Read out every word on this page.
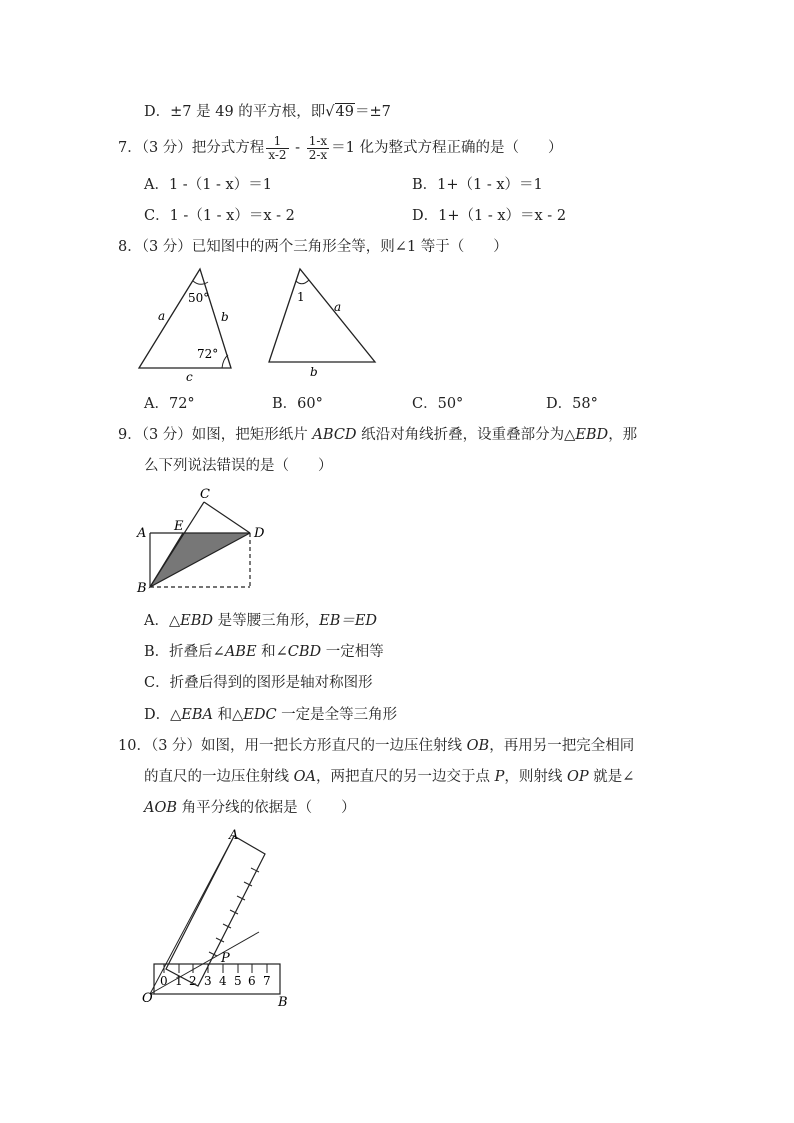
D．±7 是 49 的平方根，即√49＝±7
7．（3 分）把分式方程 $\frac{1}{x-2} - \frac{1-x}{2-x} =1$ 化为整式方程正确的是（　　）
A．1 -（1 - x）＝1	B．1+（1 - x）＝1
C．1 -（1 - x）＝x - 2	D．1+（1 - x）＝x - 2
8．（3 分）已知图中的两个三角形全等，则∠1 等于（　　）
50°
72°
a	b
c
1
a
b
A．72°	B．60°	C．50°	D．58°
9．（3 分）如图，把矩形纸片 ABCD 纸沿对角线折叠，设重叠部分为△EBD，那
么下列说法错误的是（　　）
C
A E	D
B
A．△EBD 是等腰三角形，EB＝ED
B．折叠后∠ABE 和∠CBD 一定相等
C．折叠后得到的图形是轴对称图形
D．△EBA 和△EDC 一定是全等三角形
10．（3 分）如图，用一把长方形直尺的一边压住射线 OB，再用另一把完全相同
的直尺的一边压住射线 OA，两把直尺的另一边交于点 P，则射线 OP 就是∠
AOB 角平分线的依据是（　　）
0 1 2 3 4 5 6 7
A
P
O	B
